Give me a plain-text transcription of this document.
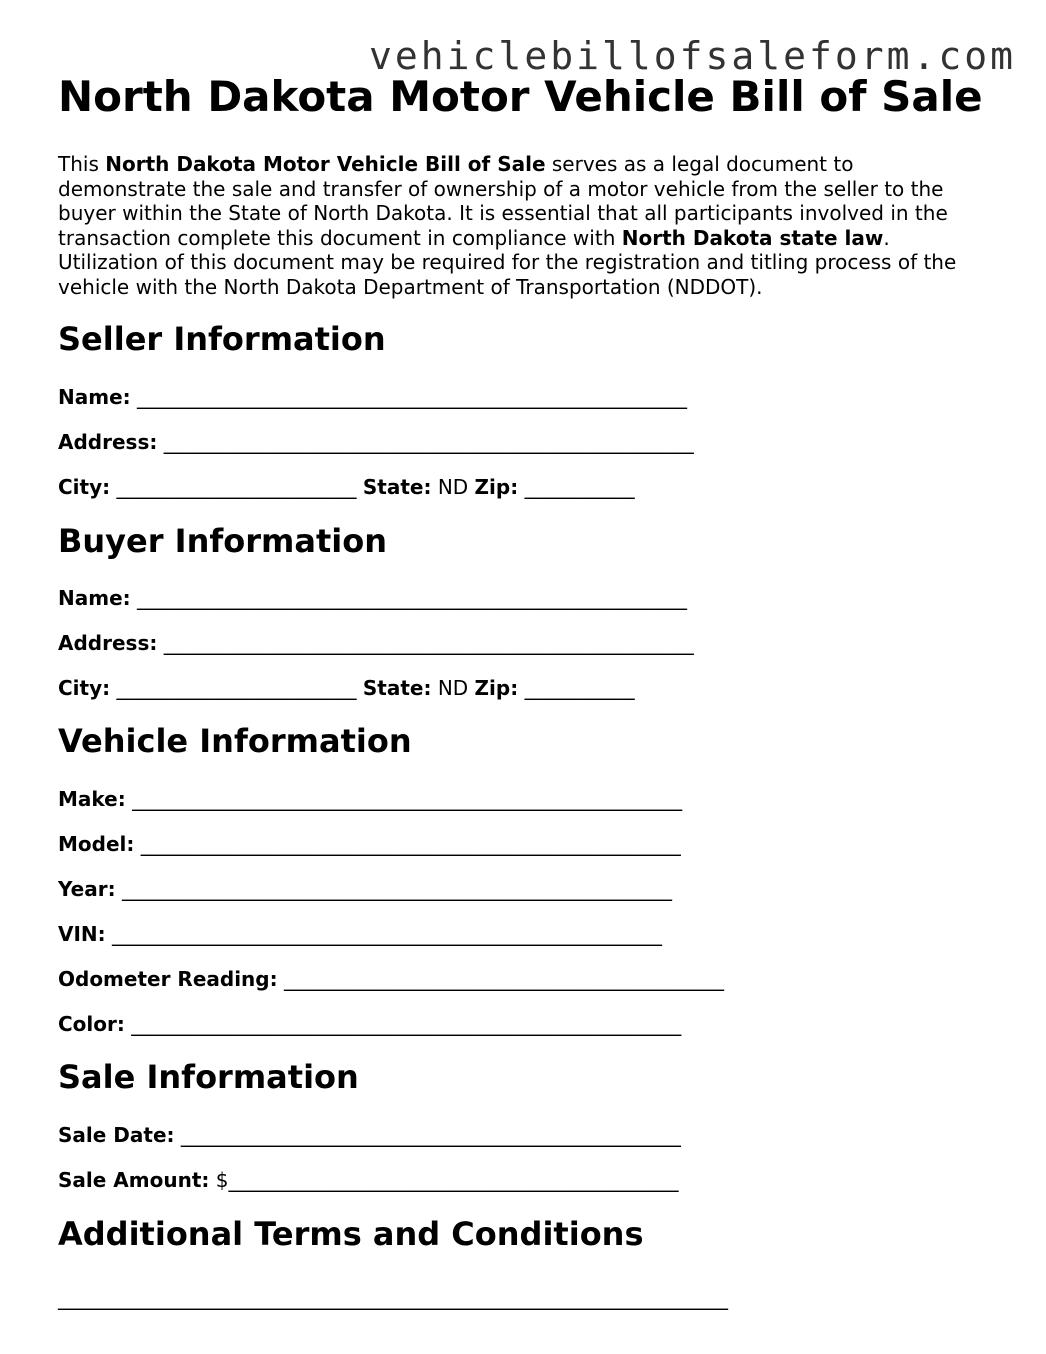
vehiclebillofsaleform.com
North Dakota Motor Vehicle Bill of Sale

This North Dakota Motor Vehicle Bill of Sale serves as a legal document to demonstrate the sale and transfer of ownership of a motor vehicle from the seller to the buyer within the State of North Dakota. It is essential that all participants involved in the transaction complete this document in compliance with North Dakota state law. Utilization of this document may be required for the registration and titling process of the vehicle with the North Dakota Department of Transportation (NDDOT).

Seller Information
Name: _______________________________________________________
Address: _____________________________________________________
City: ________________________ State: ND Zip: ___________
Buyer Information
Name: _______________________________________________________
Address: _____________________________________________________
City: ________________________ State: ND Zip: ___________
Vehicle Information
Make: _______________________________________________________
Model: ______________________________________________________
Year: _______________________________________________________
VIN: _______________________________________________________
Odometer Reading: ____________________________________________
Color: _______________________________________________________
Sale Information
Sale Date: __________________________________________________
Sale Amount: $_____________________________________________
Additional Terms and Conditions
___________________________________________________________________
